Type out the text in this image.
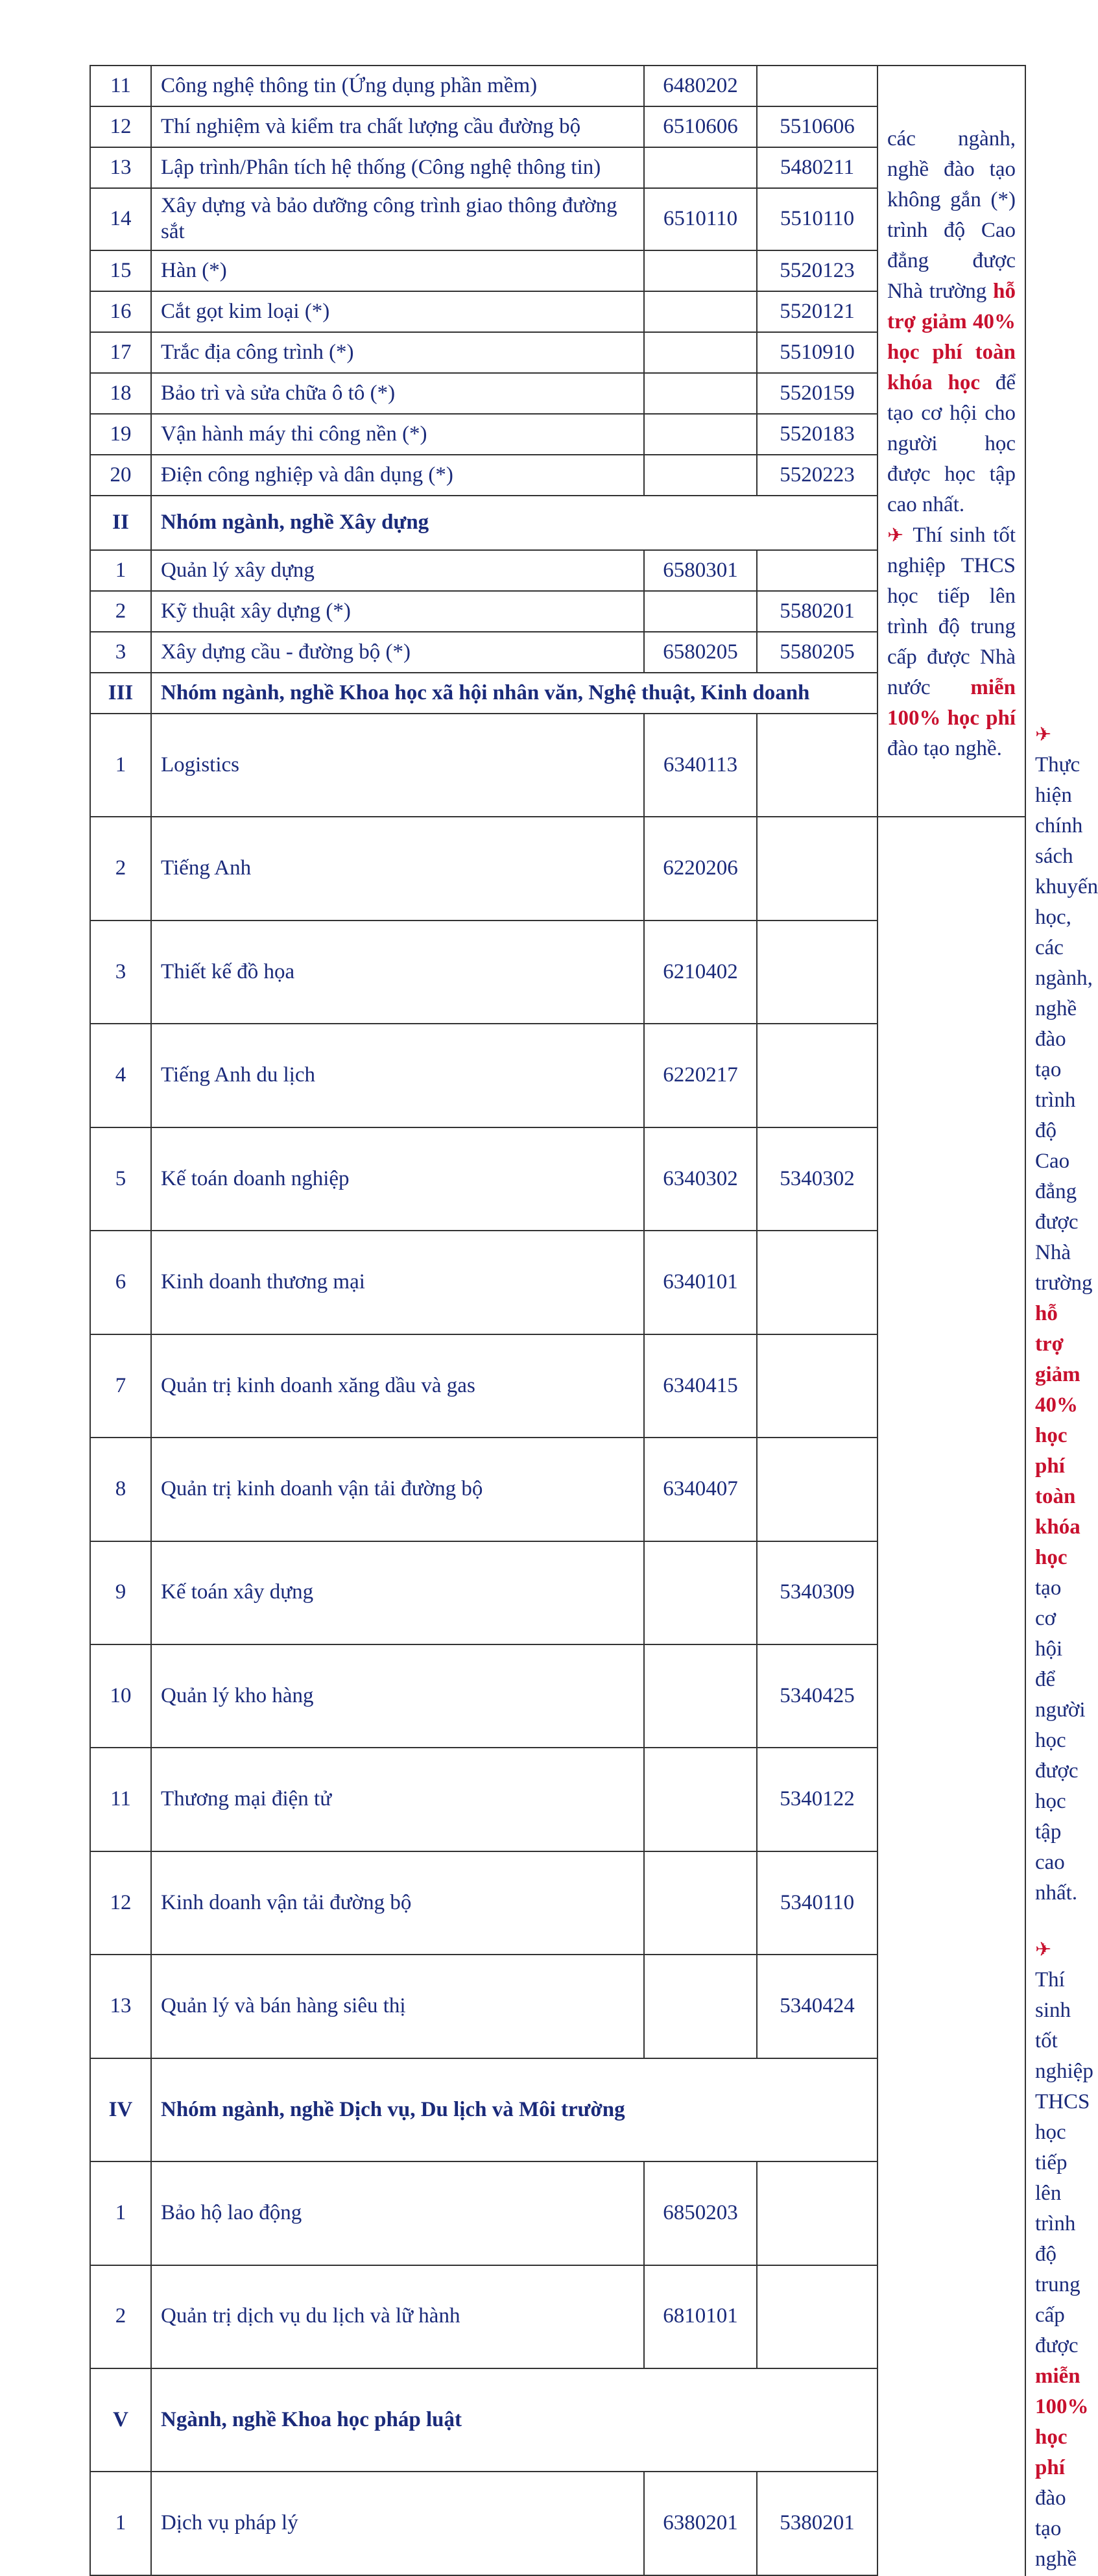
11	Công nghệ thông tin (Ứng dụng phần mềm)	6480202		các ngành, nghề đào tạo không gắn (*) trình độ Cao đẳng được Nhà trường hỗ trợ giảm 40% học phí toàn khóa học để tạo cơ hội cho người học được học tập cao nhất.
✈ Thí sinh tốt nghiệp THCS học tiếp lên trình độ trung cấp được Nhà nước miễn 100% học phí đào tạo nghề.	

12	Thí nghiệm và kiểm tra chất lượng cầu đường bộ	6510606	5510606		
13	Lập trình/Phân tích hệ thống (Công nghệ thông tin)		5480211		
14	Xây dựng và bảo dưỡng công trình giao thông đường sắt	6510110	5510110		
15	Hàn (*)		5520123		
16	Cắt gọt kim loại (*)		5520121		
17	Trắc địa công trình (*)		5510910		
18	Bảo trì và sửa chữa ô tô (*)		5520159		
19	Vận hành máy thi công nền (*)		5520183		
20	Điện công nghiệp và dân dụng (*)		5520223		
II	Nhóm ngành, nghề Xây dựng				
1	Quản lý xây dựng	6580301			
2	Kỹ thuật xây dựng (*)		5580201		
3	Xây dựng cầu - đường bộ (*)	6580205	5580205		
III	Nhóm ngành, nghề Khoa học xã hội nhân văn, Nghệ thuật, Kinh doanh				
1	Logistics	6340113			✈ Thực hiện chính sách khuyến học, các ngành, nghề đào tạo trình độ Cao đẳng được Nhà trường hỗ trợ giảm 40% học phí toàn khóa học tạo cơ hội để người học được học tập cao nhất.
✈ Thí sinh tốt nghiệp THCS học tiếp lên trình độ trung cấp được miễn 100% học phí đào tạo nghề

2	Tiếng Anh	6220206			
3	Thiết kế đồ họa	6210402			
4	Tiếng Anh du lịch	6220217			
5	Kế toán doanh nghiệp	6340302	5340302		
6	Kinh doanh thương mại	6340101			
7	Quản trị kinh doanh xăng dầu và gas	6340415			
8	Quản trị kinh doanh vận tải đường bộ	6340407			
9	Kế toán xây dựng		5340309		
10	Quản lý kho hàng		5340425		
11	Thương mại điện tử		5340122		
12	Kinh doanh vận tải đường bộ		5340110		
13	Quản lý và bán hàng siêu thị		5340424		
IV	Nhóm ngành, nghề Dịch vụ, Du lịch và Môi trường				
1	Bảo hộ lao động	6850203			
2	Quản trị dịch vụ du lịch và lữ hành	6810101			
V	Ngành, nghề Khoa học pháp luật				
1	Dịch vụ pháp lý	6380201	5380201		
